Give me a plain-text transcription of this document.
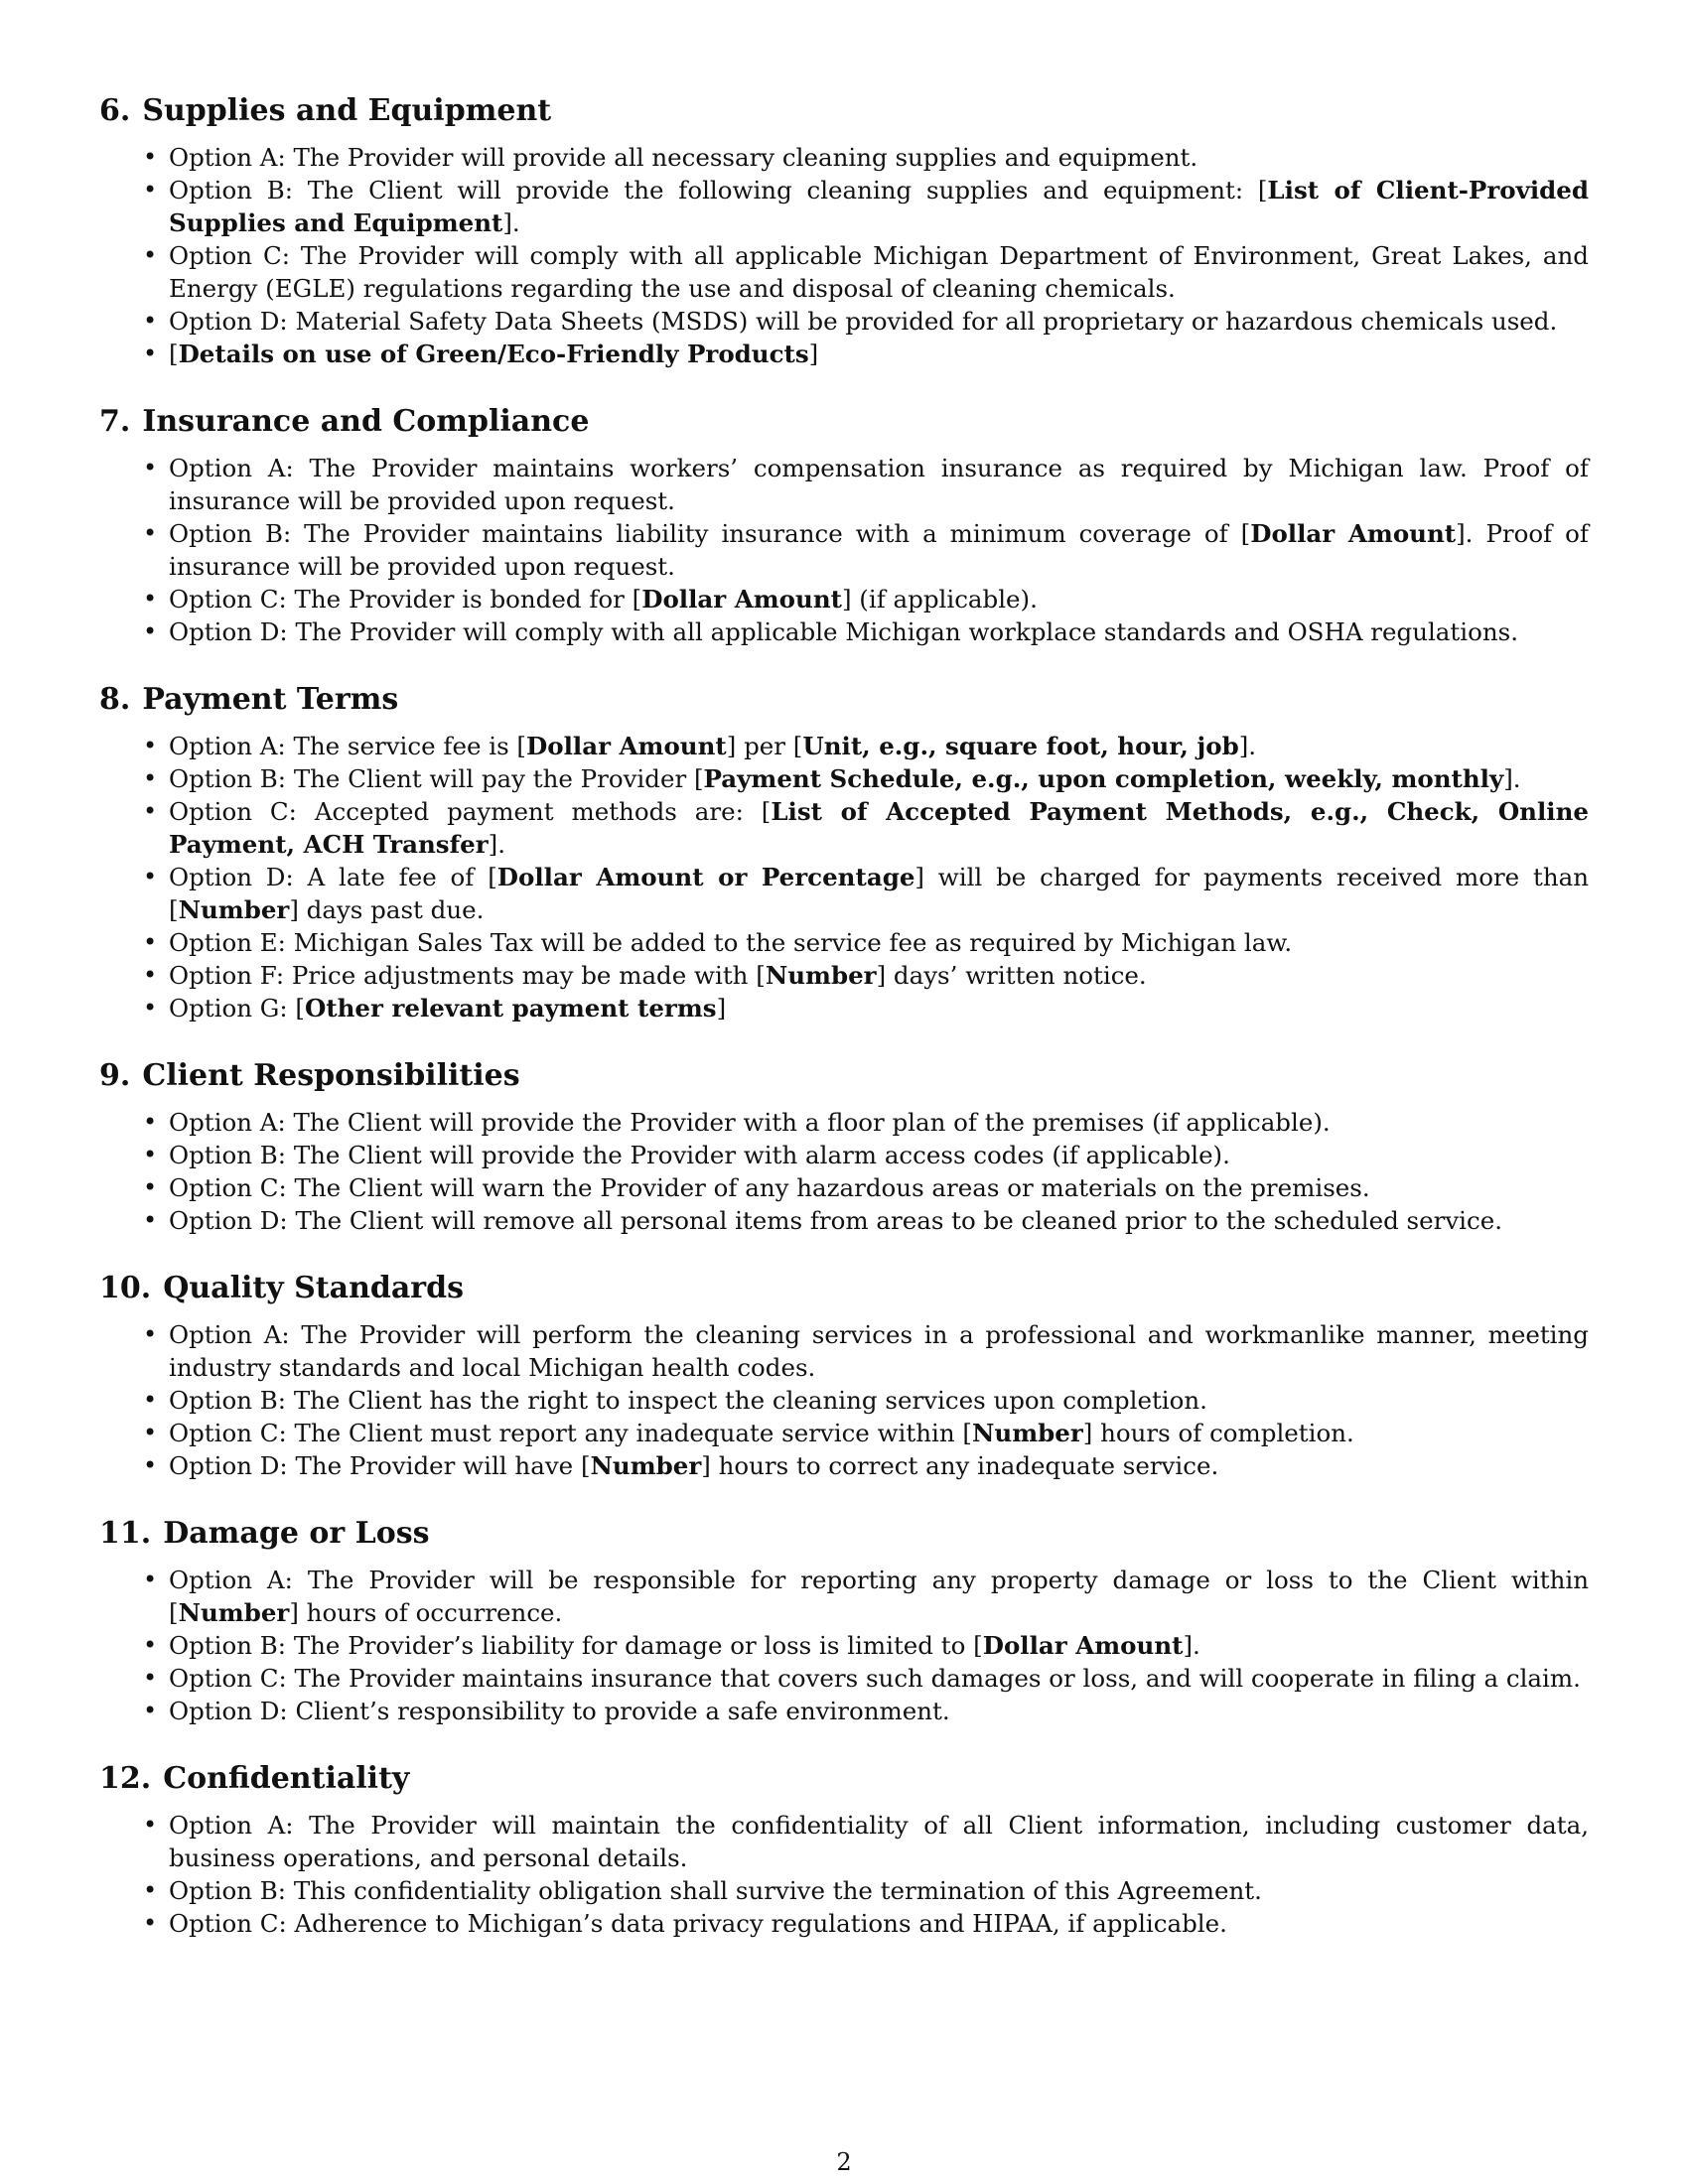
6. Supplies and Equipment
• Option A: The Provider will provide all necessary cleaning supplies and equipment.
• Option B: The Client will provide the following cleaning supplies and equipment: [List of Client-Provided Supplies and Equipment].
• Option C: The Provider will comply with all applicable Michigan Department of Environment, Great Lakes, and Energy (EGLE) regulations regarding the use and disposal of cleaning chemicals.
• Option D: Material Safety Data Sheets (MSDS) will be provided for all proprietary or hazardous chemicals used.
• [Details on use of Green/Eco-Friendly Products]
7. Insurance and Compliance
• Option A: The Provider maintains workers’ compensation insurance as required by Michigan law. Proof of insurance will be provided upon request.
• Option B: The Provider maintains liability insurance with a minimum coverage of [Dollar Amount]. Proof of insurance will be provided upon request.
• Option C: The Provider is bonded for [Dollar Amount] (if applicable).
• Option D: The Provider will comply with all applicable Michigan workplace standards and OSHA regulations.
8. Payment Terms
• Option A: The service fee is [Dollar Amount] per [Unit, e.g., square foot, hour, job].
• Option B: The Client will pay the Provider [Payment Schedule, e.g., upon completion, weekly, monthly].
• Option C: Accepted payment methods are: [List of Accepted Payment Methods, e.g., Check, Online Payment, ACH Transfer].
• Option D: A late fee of [Dollar Amount or Percentage] will be charged for payments received more than [Number] days past due.
• Option E: Michigan Sales Tax will be added to the service fee as required by Michigan law.
• Option F: Price adjustments may be made with [Number] days’ written notice.
• Option G: [Other relevant payment terms]
9. Client Responsibilities
• Option A: The Client will provide the Provider with a floor plan of the premises (if applicable).
• Option B: The Client will provide the Provider with alarm access codes (if applicable).
• Option C: The Client will warn the Provider of any hazardous areas or materials on the premises.
• Option D: The Client will remove all personal items from areas to be cleaned prior to the scheduled service.
10. Quality Standards
• Option A: The Provider will perform the cleaning services in a professional and workmanlike manner, meeting industry standards and local Michigan health codes.
• Option B: The Client has the right to inspect the cleaning services upon completion.
• Option C: The Client must report any inadequate service within [Number] hours of completion.
• Option D: The Provider will have [Number] hours to correct any inadequate service.
11. Damage or Loss
• Option A: The Provider will be responsible for reporting any property damage or loss to the Client within [Number] hours of occurrence.
• Option B: The Provider’s liability for damage or loss is limited to [Dollar Amount].
• Option C: The Provider maintains insurance that covers such damages or loss, and will cooperate in filing a claim.
• Option D: Client’s responsibility to provide a safe environment.
12. Confidentiality
• Option A: The Provider will maintain the confidentiality of all Client information, including customer data, business operations, and personal details.
• Option B: This confidentiality obligation shall survive the termination of this Agreement.
• Option C: Adherence to Michigan’s data privacy regulations and HIPAA, if applicable.
2
